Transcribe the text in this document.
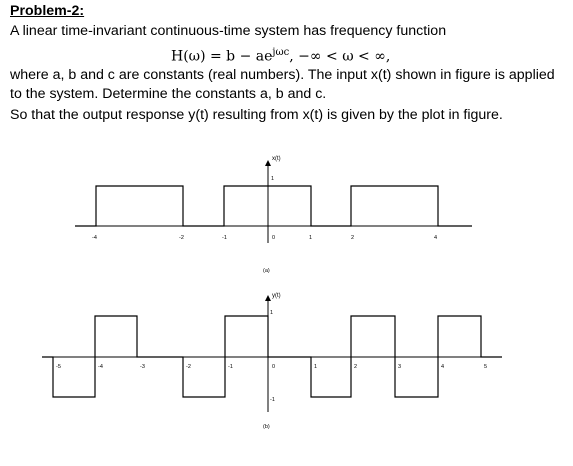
Problem-2:
A linear time-invariant continuous-time system has frequency function
$H(\omega) = b - ae^{j\omega c}$, −∞ < ω < ∞,
where a, b and c are constants (real numbers). The input x(t) shown in figure is applied
to the system. Determine the constants a, b and c.
So that the output response y(t) resulting from x(t) is given by the plot in figure.
x(t)
1
-4	-2	-1	0	1	2	4
(a)
y(t)
1
-1
-5	-4	-3	-2	-1	0	1	2	3	4	5
(b)
